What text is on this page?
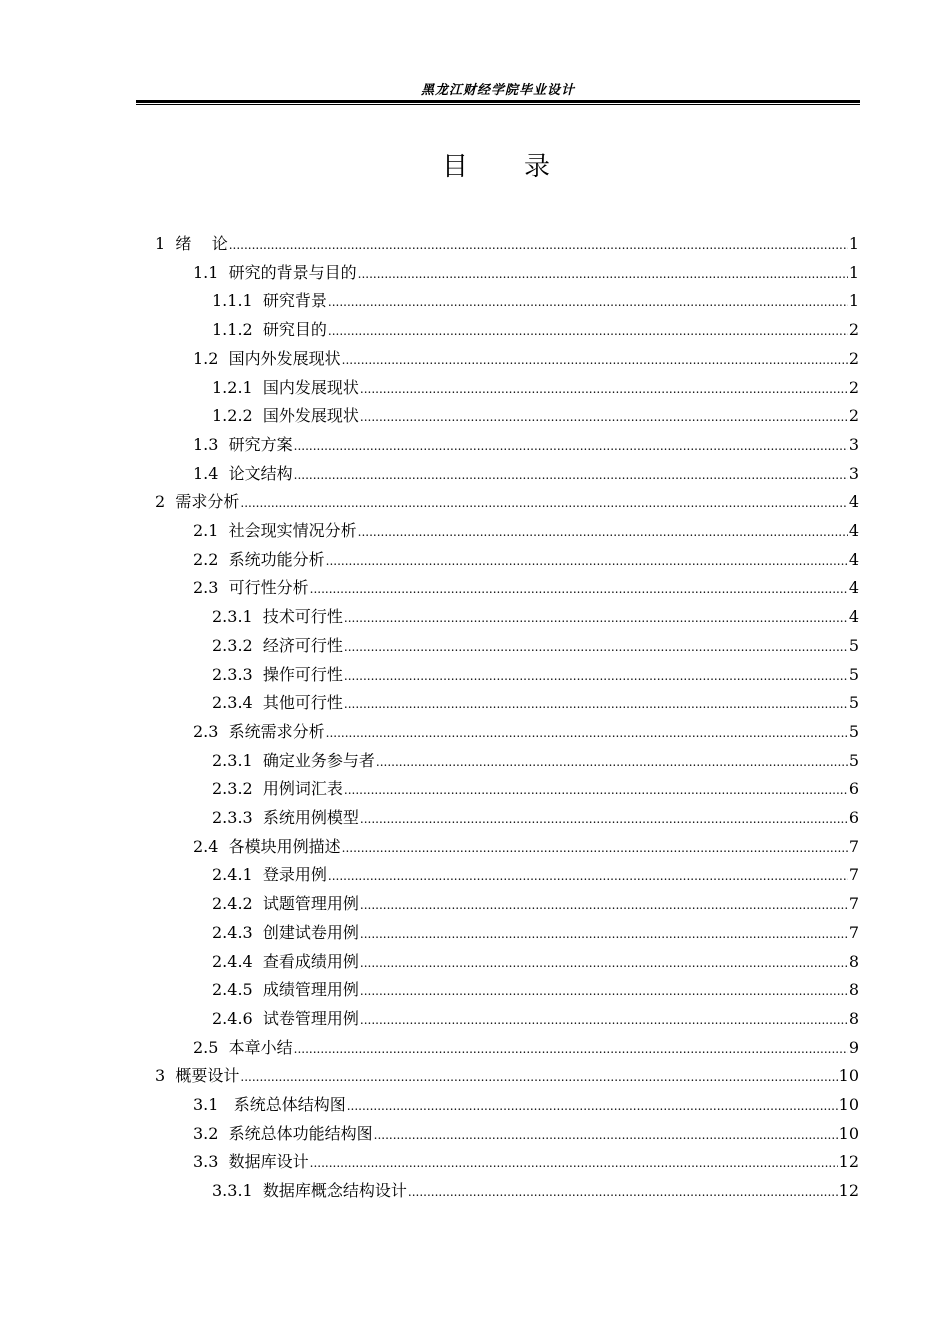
黑龙江财经学院毕业设计
目 录
1 绪    论 .....	1
1.1 研究的背景与目的 .....	1
1.1.1 研究背景 .....	1
1.1.2 研究目的 .....	2
1.2 国内外发展现状 .....	2
1.2.1 国内发展现状 .....	2
1.2.2 国外发展现状 .....	2
1.3 研究方案 .....	3
1.4 论文结构 .....	3
2 需求分析 .....	4
2.1 社会现实情况分析 .....	4
2.2 系统功能分析 .....	4
2.3 可行性分析 .....	4
2.3.1 技术可行性 .....	4
2.3.2 经济可行性 .....	5
2.3.3 操作可行性 .....	5
2.3.4 其他可行性 .....	5
2.3 系统需求分析 .....	5
2.3.1 确定业务参与者 .....	5
2.3.2 用例词汇表 .....	6
2.3.3 系统用例模型 .....	6
2.4 各模块用例描述 .....	7
2.4.1 登录用例 .....	7
2.4.2 试题管理用例 .....	7
2.4.3 创建试卷用例 .....	7
2.4.4 查看成绩用例 .....	8
2.4.5 成绩管理用例 .....	8
2.4.6 试卷管理用例 .....	8
2.5 本章小结 .....	9
3 概要设计 .....	10
3.1 系统总体结构图 .....	10
3.2 系统总体功能结构图 .....	10
3.3 数据库设计 .....	12
3.3.1 数据库概念结构设计 .....	12
